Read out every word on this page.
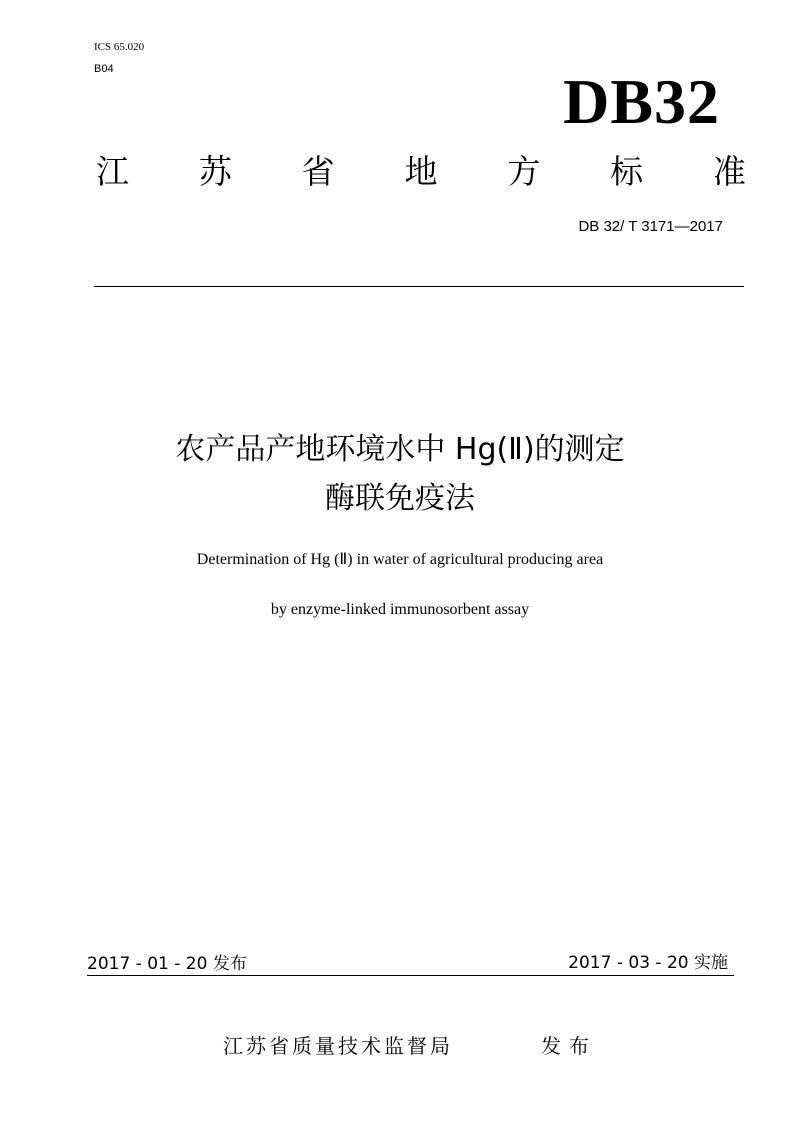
ICS 65.020
B04	DB32
江 苏 省 地 方 标 准
DB 32/ T 3171—2017
农产品产地环境水中 Hg(Ⅱ)的测定
酶联免疫法
Determination of Hg (Ⅱ) in water of agricultural producing area
by enzyme-linked immunosorbent assay
2017 - 01 - 20 发布	2017 - 03 - 20 实施
江苏省质量技术监督局	发布
